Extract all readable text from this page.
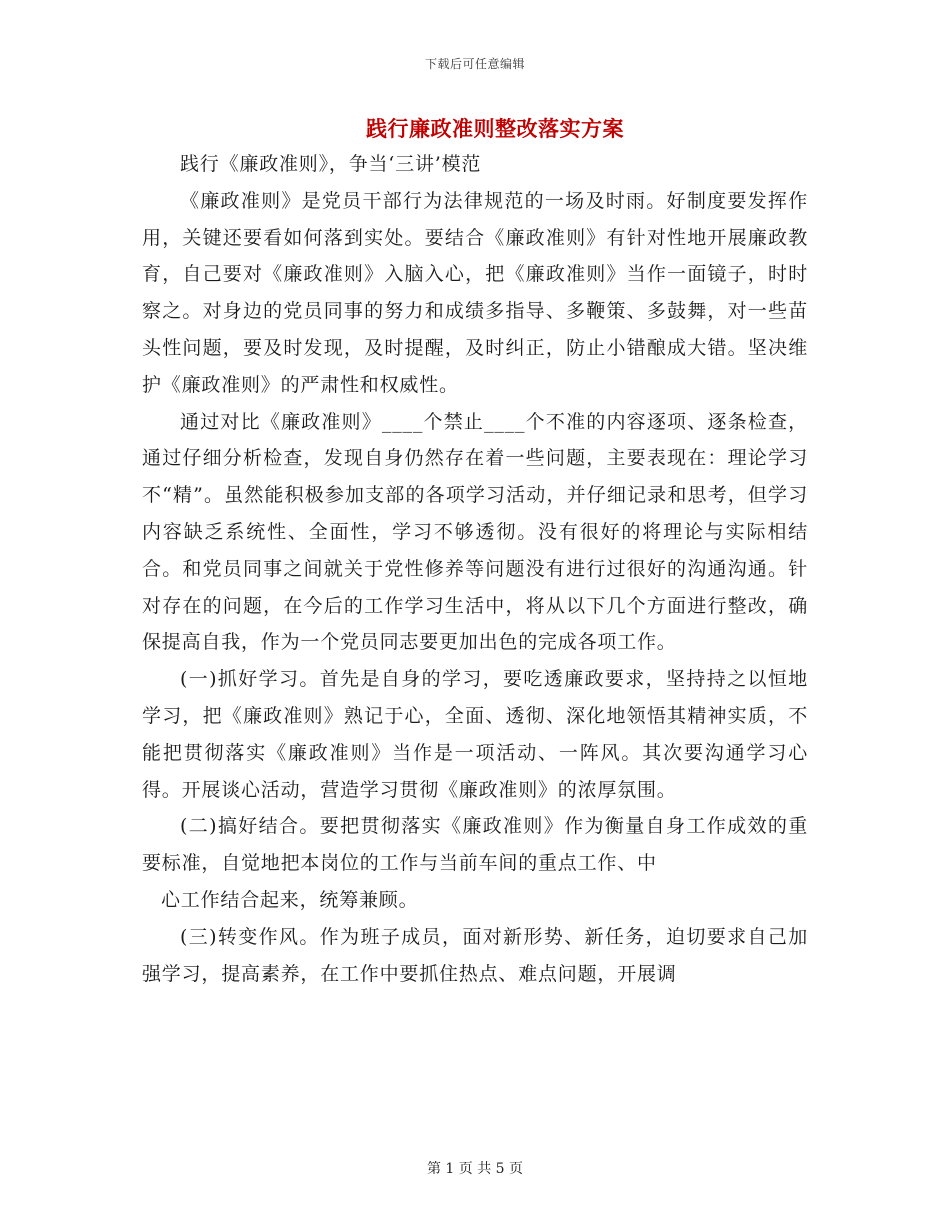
下载后可任意编辑
践行廉政准则整改落实方案

践行《廉政准则》，争当‘三讲’模范

《廉政准则》是党员干部行为法律规范的一场及时雨。好制度要发挥作用，关键还要看如何落到实处。要结合《廉政准则》有针对性地开展廉政教育，自己要对《廉政准则》入脑入心，把《廉政准则》当作一面镜子，时时察之。对身边的党员同事的努力和成绩多指导、多鞭策、多鼓舞，对一些苗头性问题，要及时发现，及时提醒，及时纠正，防止小错酿成大错。坚决维护《廉政准则》的严肃性和权威性。

通过对比《廉政准则》____个禁止____个不准的内容逐项、逐条检查，通过仔细分析检查，发现自身仍然存在着一些问题，主要表现在：理论学习不“精”。虽然能积极参加支部的各项学习活动，并仔细记录和思考，但学习内容缺乏系统性、全面性，学习不够透彻。没有很好的将理论与实际相结合。和党员同事之间就关于党性修养等问题没有进行过很好的沟通沟通。针对存在的问题，在今后的工作学习生活中，将从以下几个方面进行整改，确保提高自我，作为一个党员同志要更加出色的完成各项工作。

(一)抓好学习。首先是自身的学习，要吃透廉政要求，坚持持之以恒地学习，把《廉政准则》熟记于心，全面、透彻、深化地领悟其精神实质，不能把贯彻落实《廉政准则》当作是一项活动、一阵风。其次要沟通学习心得。开展谈心活动，营造学习贯彻《廉政准则》的浓厚氛围。

(二)搞好结合。要把贯彻落实《廉政准则》作为衡量自身工作成效的重要标准，自觉地把本岗位的工作与当前车间的重点工作、中

心工作结合起来，统筹兼顾。

(三)转变作风。作为班子成员，面对新形势、新任务，迫切要求自己加强学习，提高素养，在工作中要抓住热点、难点问题，开展调

第 1 页 共 5 页
